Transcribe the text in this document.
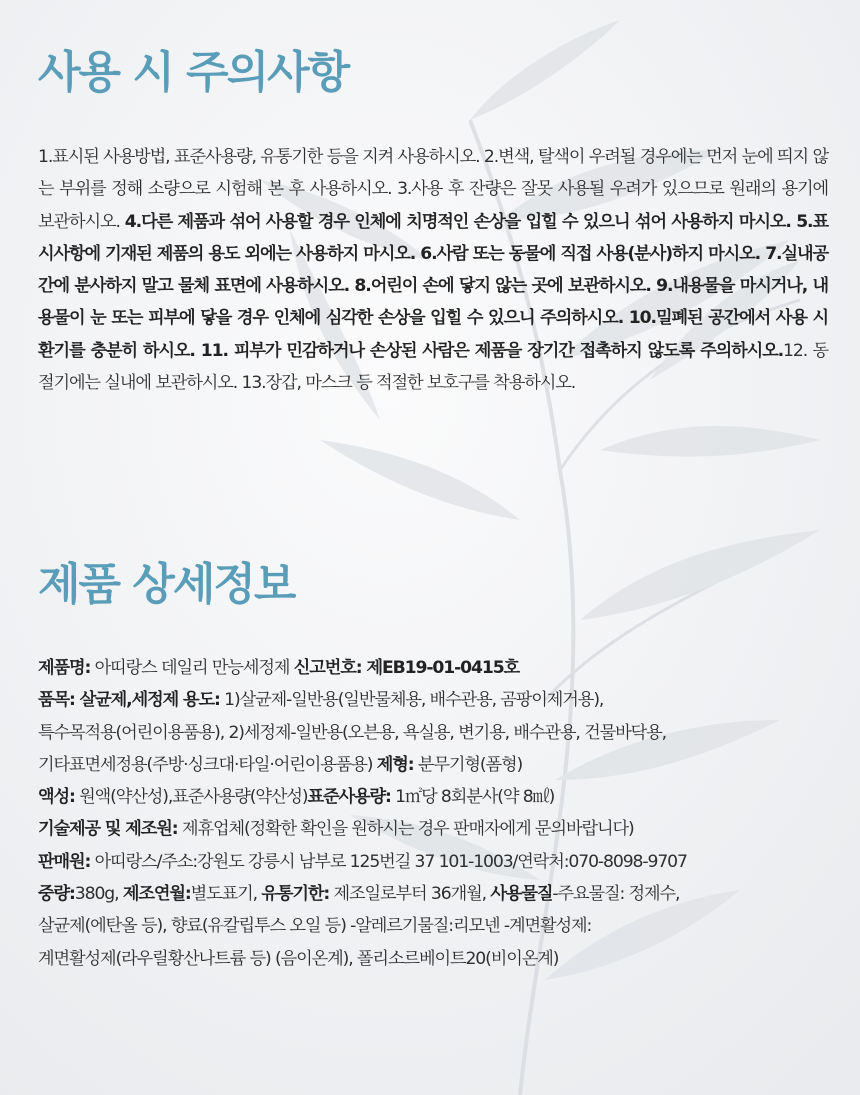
사용 시 주의사항

1.표시된 사용방법, 표준사용량, 유통기한 등을 지켜 사용하시오. 2.변색, 탈색이 우려될 경우에는 먼저 눈에 띄지 않는 부위를 정해 소량으로 시험해 본 후 사용하시오. 3.사용 후 잔량은 잘못 사용될 우려가 있으므로 원래의 용기에 보관하시오. 4.다른 제품과 섞어 사용할 경우 인체에 치명적인 손상을 입힐 수 있으니 섞어 사용하지 마시오. 5.표시사항에 기재된 제품의 용도 외에는 사용하지 마시오. 6.사람 또는 동물에 직접 사용(분사)하지 마시오. 7.실내공간에 분사하지 말고 물체 표면에 사용하시오. 8.어린이 손에 닿지 않는 곳에 보관하시오. 9.내용물을 마시거나, 내용물이 눈 또는 피부에 닿을 경우 인체에 심각한 손상을 입힐 수 있으니 주의하시오. 10.밀폐된 공간에서 사용 시 환기를 충분히 하시오. 11. 피부가 민감하거나 손상된 사람은 제품을 장기간 접촉하지 않도록 주의하시오.12. 동절기에는 실내에 보관하시오. 13.장갑, 마스크 등 적절한 보호구를 착용하시오.

제품 상세정보

제품명: 아띠랑스 데일리 만능세정제 신고번호: 제EB19-01-0415호
품목: 살균제,세정제 용도: 1)살균제-일반용(일반물체용, 배수관용, 곰팡이제거용),
특수목적용(어린이용품용), 2)세정제-일반용(오븐용, 욕실용, 변기용, 배수관용, 건물바닥용,
기타표면세정용(주방·싱크대·타일·어린이용품용) 제형: 분무기형(폼형)
액성: 원액(약산성),표준사용량(약산성)표준사용량: 1㎡당 8회분사(약 8㎖)
기술제공 및 제조원: 제휴업체(정확한 확인을 원하시는 경우 판매자에게 문의바랍니다)
판매원: 아띠랑스/주소:강원도 강릉시 남부로 125번길 37 101-1003/연락처:070-8098-9707
중량:380g, 제조연월:별도표기, 유통기한: 제조일로부터 36개월, 사용물질-주요물질: 정제수,
살균제(에탄올 등), 향료(유칼립투스 오일 등) -알레르기물질:리모넨 -계면활성제:
계면활성제(라우릴황산나트륨 등) (음이온계), 폴리소르베이트20(비이온계)
